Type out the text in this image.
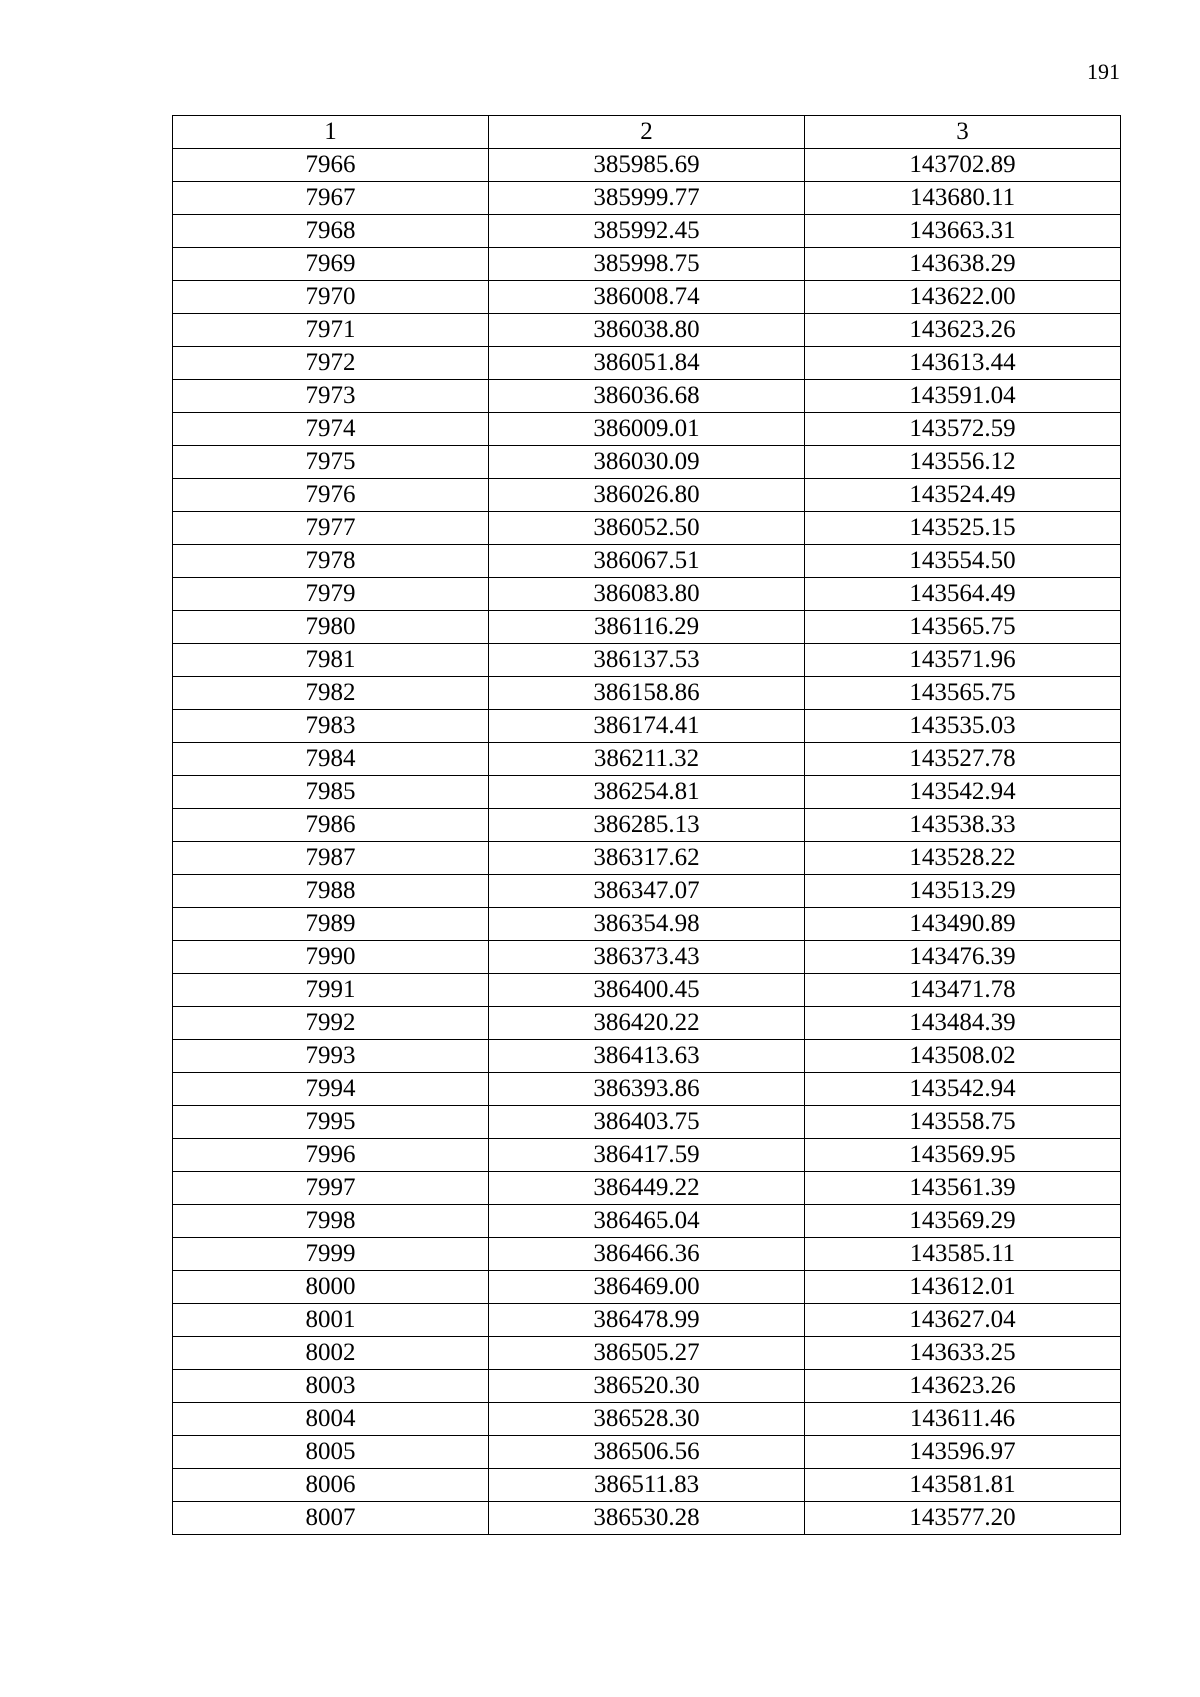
191
1	2	3
7966	385985.69	143702.89
7967	385999.77	143680.11
7968	385992.45	143663.31
7969	385998.75	143638.29
7970	386008.74	143622.00
7971	386038.80	143623.26
7972	386051.84	143613.44
7973	386036.68	143591.04
7974	386009.01	143572.59
7975	386030.09	143556.12
7976	386026.80	143524.49
7977	386052.50	143525.15
7978	386067.51	143554.50
7979	386083.80	143564.49
7980	386116.29	143565.75
7981	386137.53	143571.96
7982	386158.86	143565.75
7983	386174.41	143535.03
7984	386211.32	143527.78
7985	386254.81	143542.94
7986	386285.13	143538.33
7987	386317.62	143528.22
7988	386347.07	143513.29
7989	386354.98	143490.89
7990	386373.43	143476.39
7991	386400.45	143471.78
7992	386420.22	143484.39
7993	386413.63	143508.02
7994	386393.86	143542.94
7995	386403.75	143558.75
7996	386417.59	143569.95
7997	386449.22	143561.39
7998	386465.04	143569.29
7999	386466.36	143585.11
8000	386469.00	143612.01
8001	386478.99	143627.04
8002	386505.27	143633.25
8003	386520.30	143623.26
8004	386528.30	143611.46
8005	386506.56	143596.97
8006	386511.83	143581.81
8007	386530.28	143577.20
